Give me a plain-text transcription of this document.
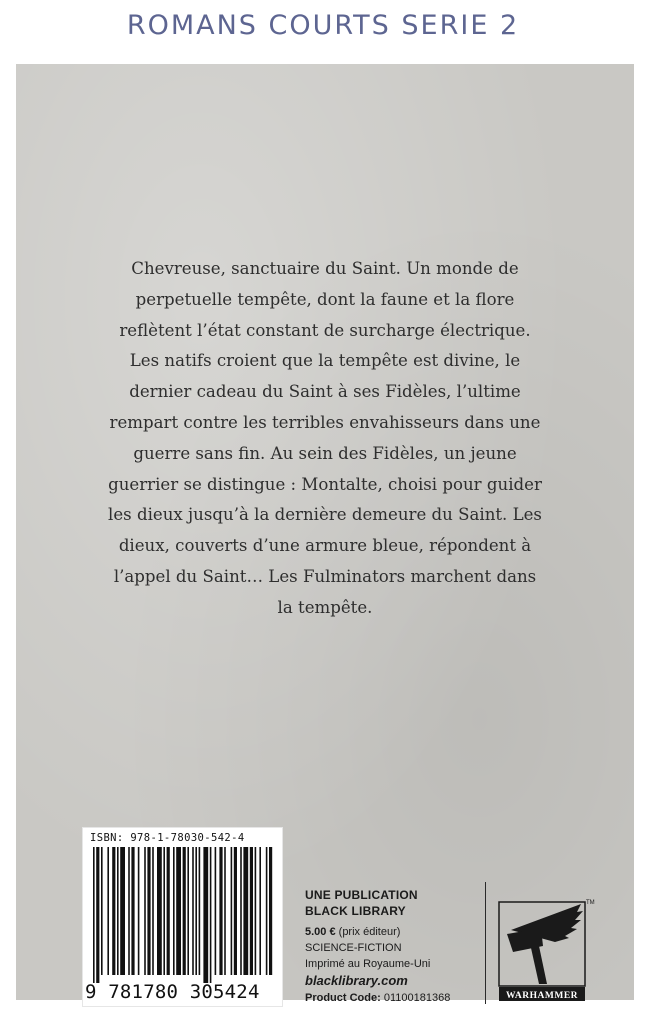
ROMANS COURTS SERIE 2

Chevreuse, sanctuaire du Saint. Un monde de perpetuelle tempête, dont la faune et la flore reflètent l’état constant de surcharge électrique. Les natifs croient que la tempête est divine, le dernier cadeau du Saint à ses Fidèles, l’ultime rempart contre les terribles envahisseurs dans une guerre sans fin. Au sein des Fidèles, un jeune guerrier se distingue : Montalte, choisi pour guider les dieux jusqu’à la dernière demeure du Saint. Les dieux, couverts d’une armure bleue, répondent à l’appel du Saint… Les Fulminators marchent dans la tempête.

ISBN: 978-1-78030-542-4
9 781780 305424
UNE PUBLICATION
BLACK LIBRARY
5.00 € (prix éditeur)
SCIENCE-FICTION
Imprimé au Royaume-Uni
blacklibrary.com
Product Code: 01100181368
TM
WARHAMMER
